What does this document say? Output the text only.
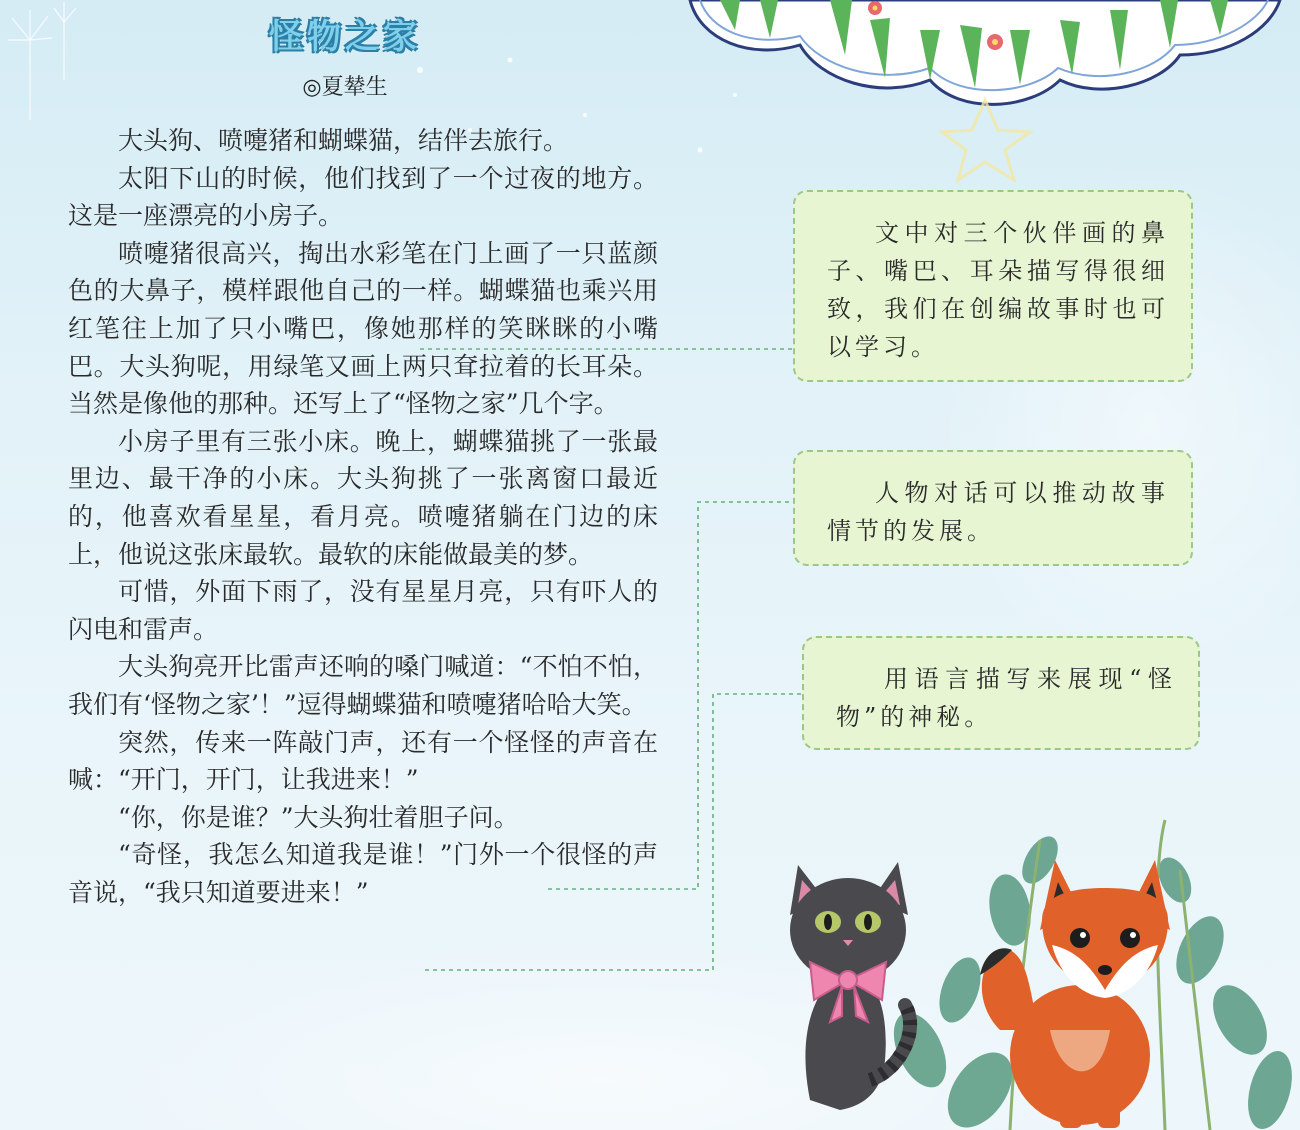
怪物之家
◎夏辇生

大头狗、喷嚏猪和蝴蝶猫，结伴去旅行。

太阳下山的时候，他们找到了一个过夜的地方。这是一座漂亮的小房子。

喷嚏猪很高兴，掏出水彩笔在门上画了一只蓝颜色的大鼻子，模样跟他自己的一样。蝴蝶猫也乘兴用红笔往上加了只小嘴巴，像她那样的笑眯眯的小嘴巴。大头狗呢，用绿笔又画上两只耷拉着的长耳朵。当然是像他的那种。还写上了“怪物之家”几个字。

小房子里有三张小床。晚上，蝴蝶猫挑了一张最里边、最干净的小床。大头狗挑了一张离窗口最近的，他喜欢看星星，看月亮。喷嚏猪躺在门边的床上，他说这张床最软。最软的床能做最美的梦。

可惜，外面下雨了，没有星星月亮，只有吓人的闪电和雷声。

大头狗亮开比雷声还响的嗓门喊道：“不怕不怕，我们有‘怪物之家’！”逗得蝴蝶猫和喷嚏猪哈哈大笑。

突然，传来一阵敲门声，还有一个怪怪的声音在喊：“开门，开门，让我进来！”

“你，你是谁？”大头狗壮着胆子问。

“奇怪，我怎么知道我是谁！”门外一个很怪的声音说，“我只知道要进来！”

文中对三个伙伴画的鼻子、嘴巴、耳朵描写得很细致，我们在创编故事时也可以学习。

人物对话可以推动故事情节的发展。

用语言描写来展现“怪物”的神秘。
